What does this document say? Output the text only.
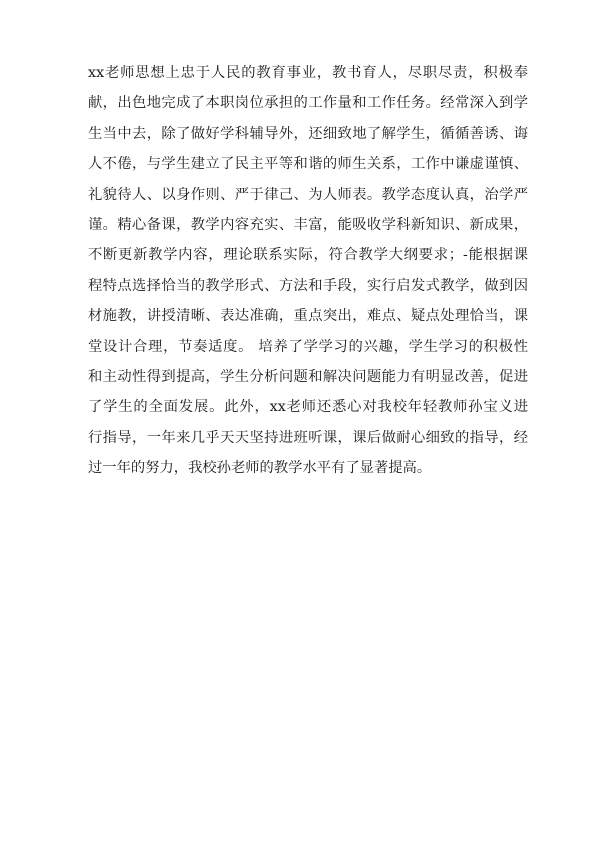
xx老师思想上忠于人民的教育事业，教书育人，尽职尽责，积极奉
献，出色地完成了本职岗位承担的工作量和工作任务。经常深入到学
生当中去，除了做好学科辅导外，还细致地了解学生，循循善诱、诲
人不倦，与学生建立了民主平等和谐的师生关系，工作中谦虚谨慎、
礼貌待人、以身作则、严于律己、为人师表。教学态度认真，治学严
谨。精心备课，教学内容充实、丰富，能吸收学科新知识、新成果，
不断更新教学内容，理论联系实际，符合教学大纲要求；-能根据课
程特点选择恰当的教学形式、方法和手段，实行启发式教学，做到因
材施教，讲授清晰、表达准确，重点突出，难点、疑点处理恰当，课
堂设计合理，节奏适度。 培养了学学习的兴趣，学生学习的积极性
和主动性得到提高，学生分析问题和解决问题能力有明显改善，促进
了学生的全面发展。此外，xx老师还悉心对我校年轻教师孙宝义进
行指导，一年来几乎天天坚持进班听课，课后做耐心细致的指导，经
过一年的努力，我校孙老师的教学水平有了显著提高。
